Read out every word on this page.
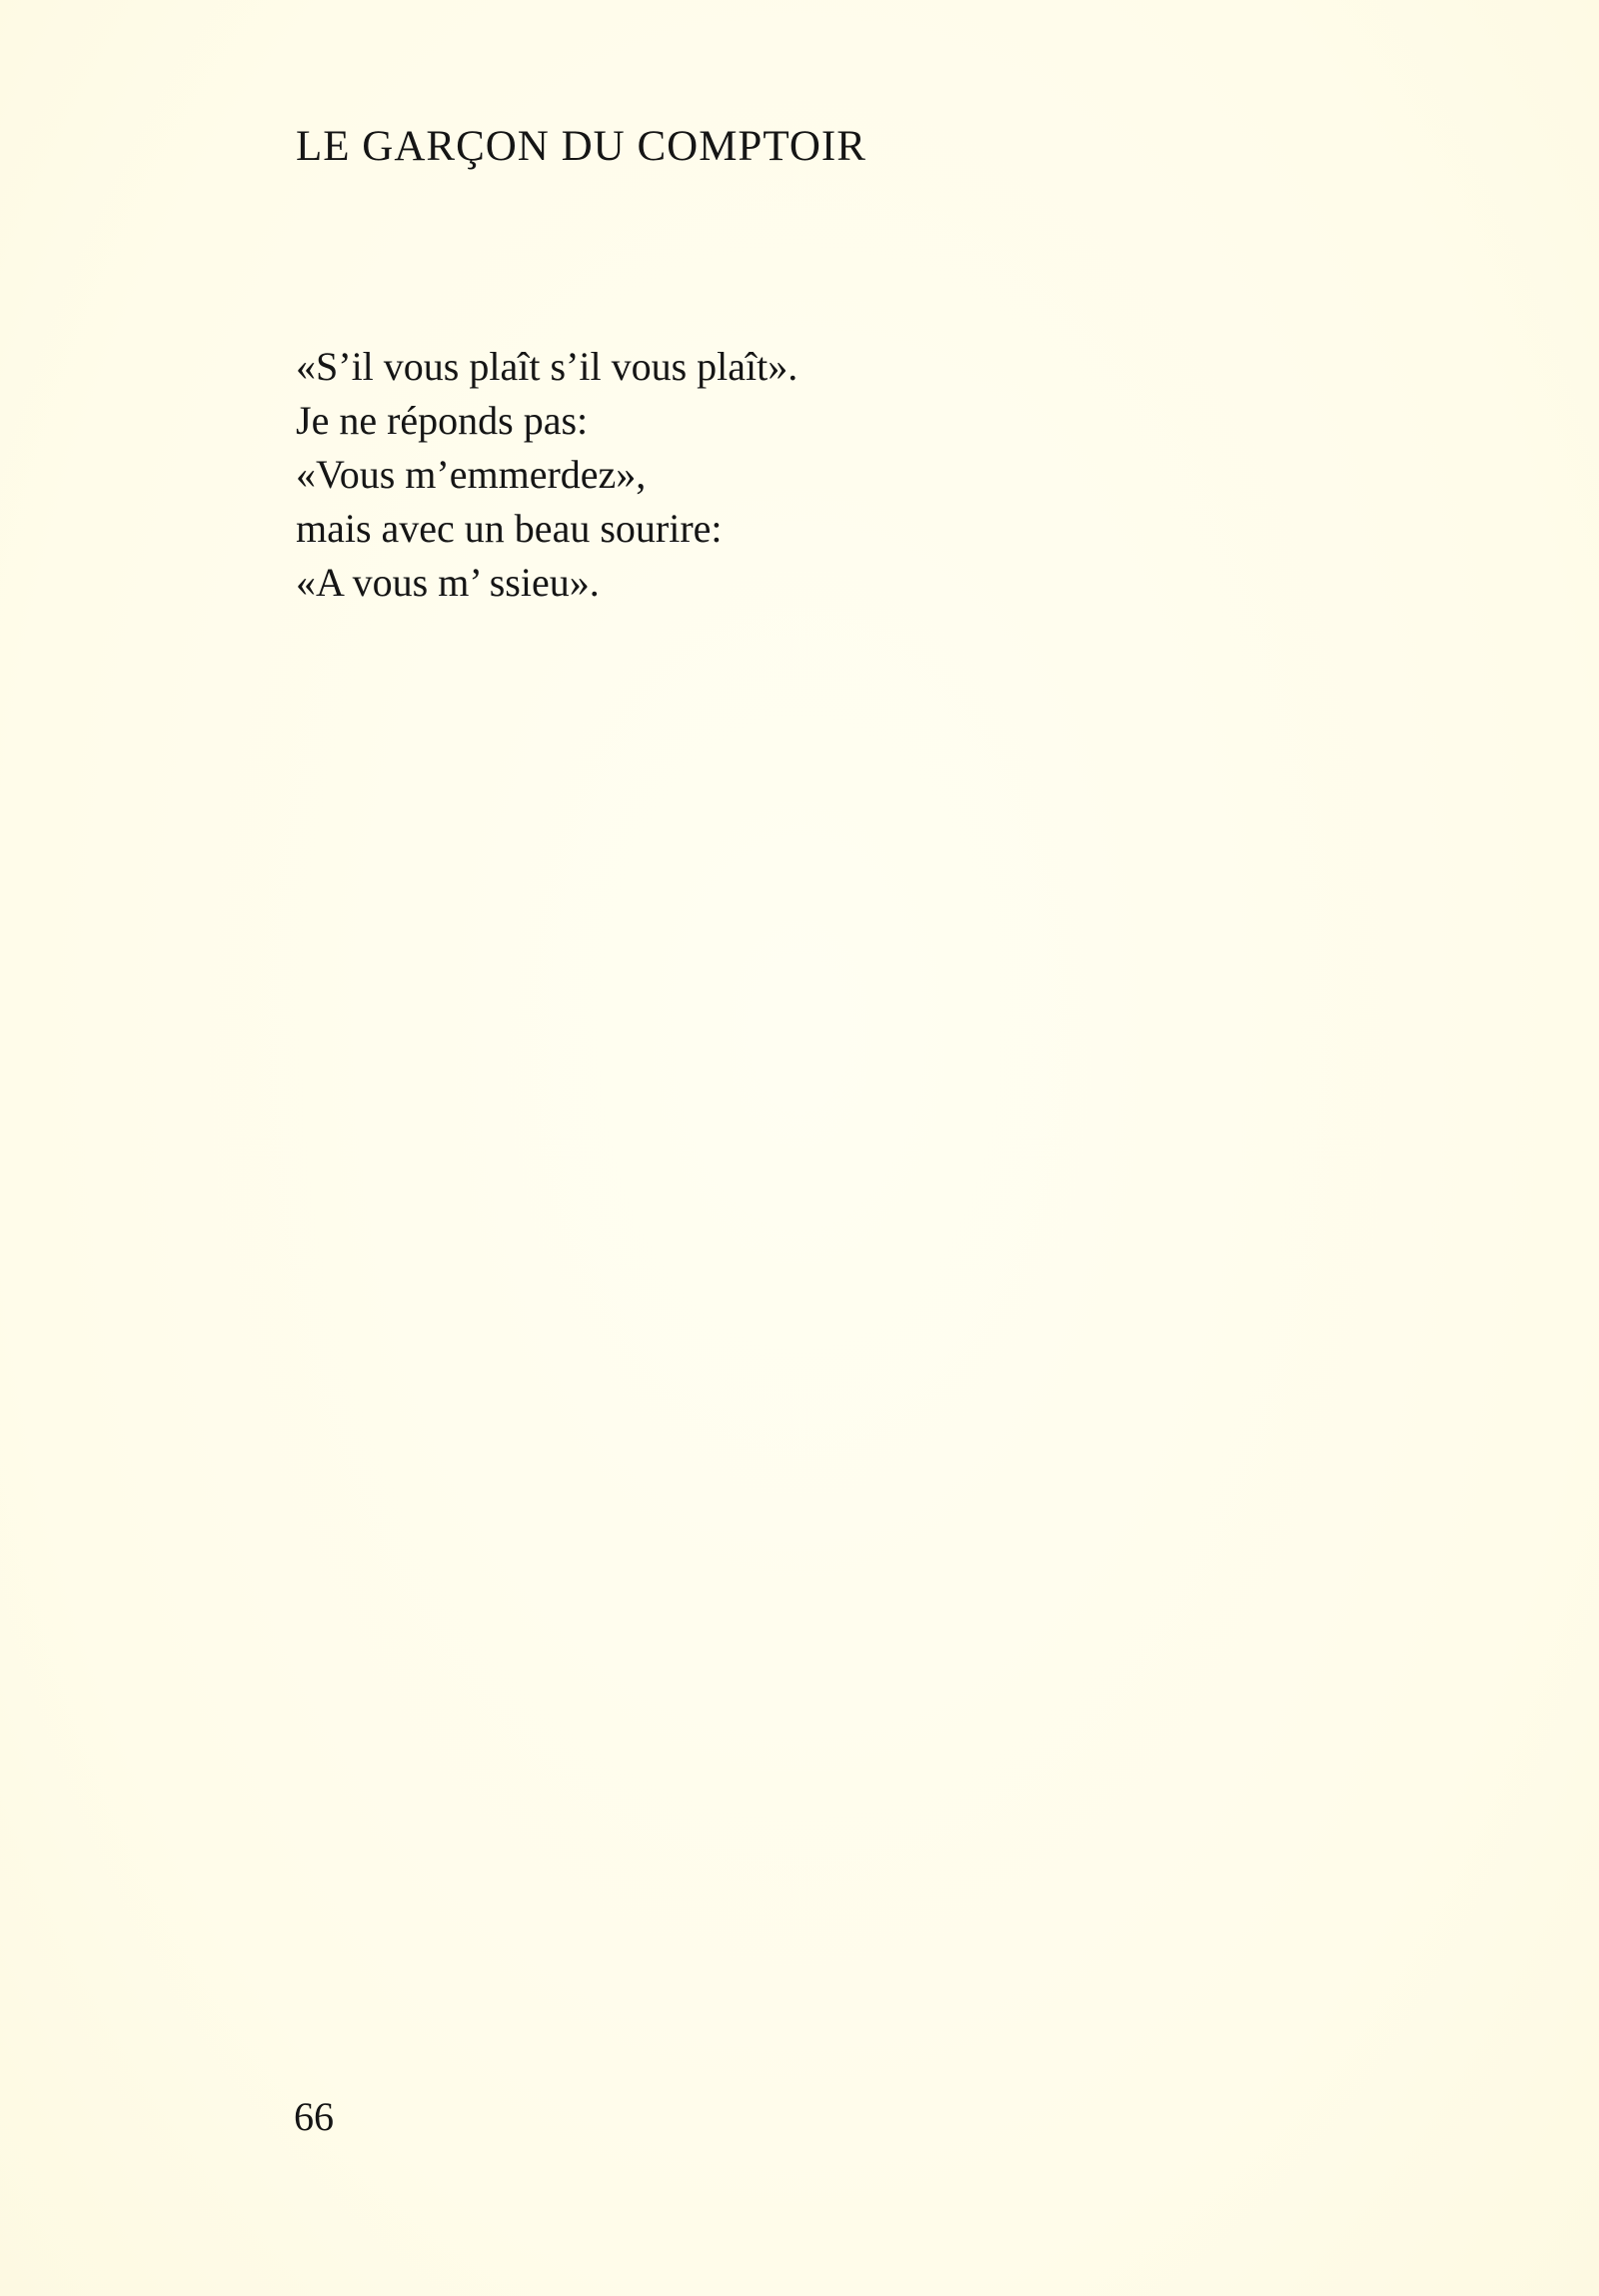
LE GARÇON DU COMPTOIR
«S’il vous plaît s’il vous plaît».
Je ne réponds pas:
«Vous m’emmerdez»,
mais avec un beau sourire:
«A vous m’ ssieu».

66
